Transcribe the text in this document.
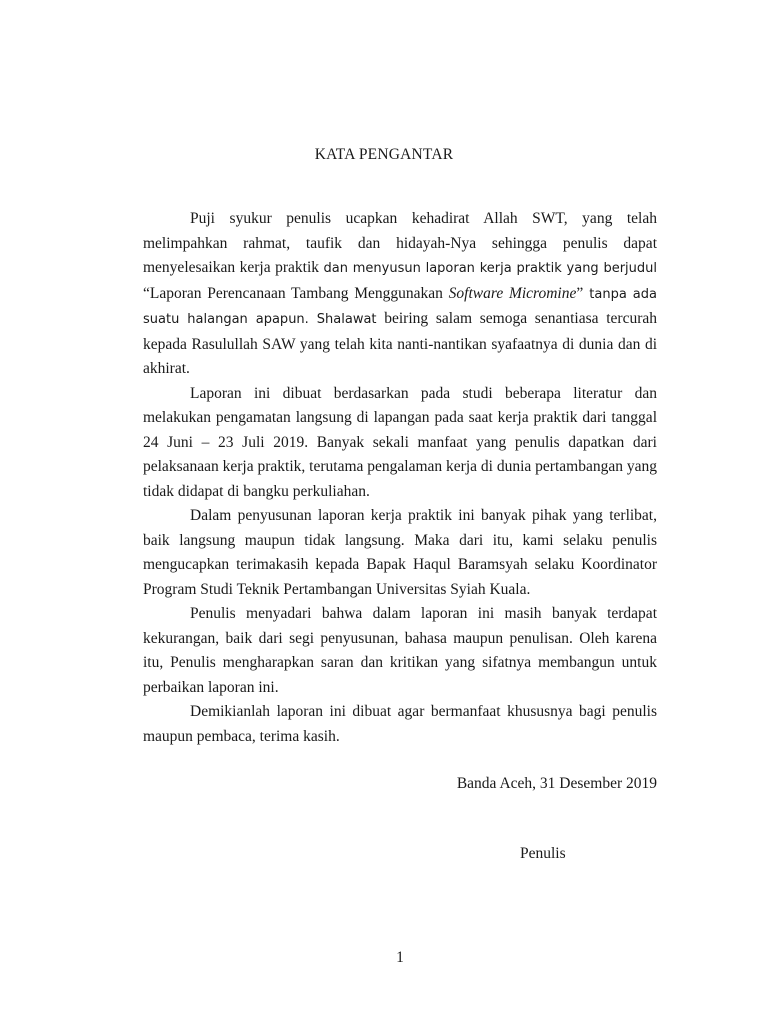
KATA PENGANTAR

Puji syukur penulis ucapkan kehadirat Allah SWT, yang telah melimpahkan rahmat, taufik dan hidayah-Nya sehingga penulis dapat menyelesaikan kerja praktik dan menyusun laporan kerja praktik yang berjudul “Laporan Perencanaan Tambang Menggunakan Software Micromine” tanpa ada suatu halangan apapun. Shalawat beiring salam semoga senantiasa tercurah kepada Rasulullah SAW yang telah kita nanti-nantikan syafaatnya di dunia dan di akhirat.

Laporan ini dibuat berdasarkan pada studi beberapa literatur dan melakukan pengamatan langsung di lapangan pada saat kerja praktik dari tanggal 24 Juni – 23 Juli 2019. Banyak sekali manfaat yang penulis dapatkan dari pelaksanaan kerja praktik, terutama pengalaman kerja di dunia pertambangan yang tidak didapat di bangku perkuliahan.

Dalam penyusunan laporan kerja praktik ini banyak pihak yang terlibat, baik langsung maupun tidak langsung. Maka dari itu, kami selaku penulis mengucapkan terimakasih kepada Bapak Haqul Baramsyah selaku Koordinator Program Studi Teknik Pertambangan Universitas Syiah Kuala.

Penulis menyadari bahwa dalam laporan ini masih banyak terdapat kekurangan, baik dari segi penyusunan, bahasa maupun penulisan. Oleh karena itu, Penulis mengharapkan saran dan kritikan yang sifatnya membangun untuk perbaikan laporan ini.

Demikianlah laporan ini dibuat agar bermanfaat khususnya bagi penulis maupun pembaca, terima kasih.

Banda Aceh, 31 Desember 2019

Penulis

1
